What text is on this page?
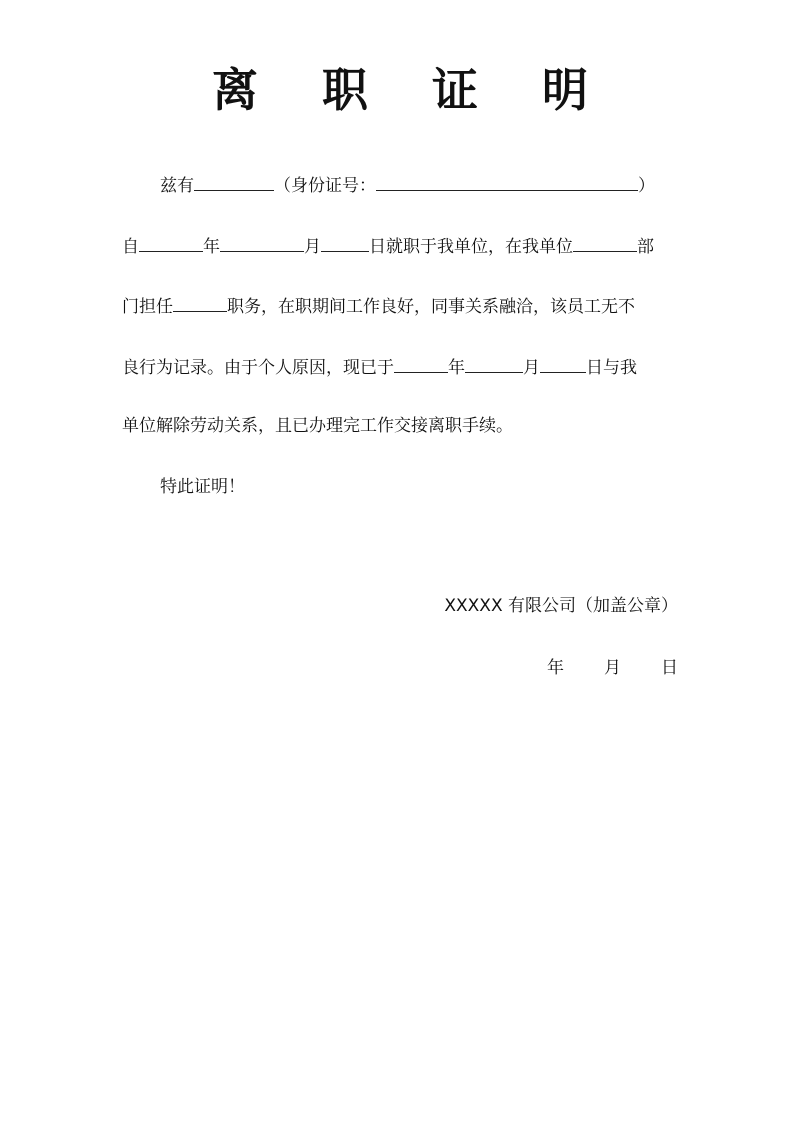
离 职 证 明
兹有	（身份证号：	）
自	年	月	日就职于我单位，在我单位	部
门担任	职务，在职期间工作良好，同事关系融洽，该员工无不
良行为记录。由于个人原因，现已于	年	月	日与我
单位解除劳动关系，且已办理完工作交接离职手续。
特此证明！
XXXXX 有限公司（加盖公章）
年 月 日
